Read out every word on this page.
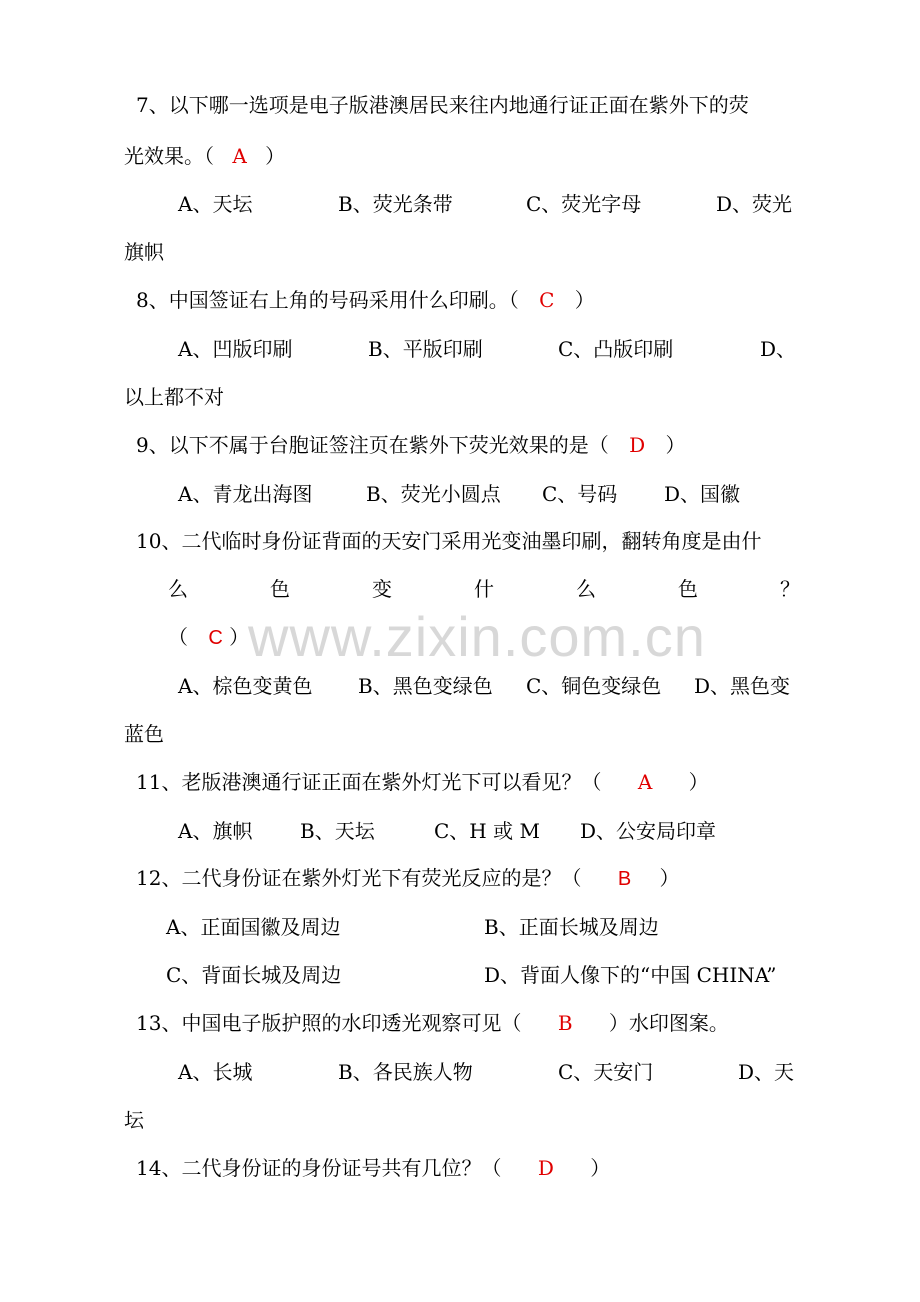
www.zixin.com.cn
7、以下哪一选项是电子版港澳居民来往内地通行证正面在紫外下的荧
光效果。（ A ）
A、天坛	B、荧光条带	C、荧光字母	D、荧光
旗帜
8、中国签证右上角的号码采用什么印刷。（ C ）
A、凹版印刷	B、平版印刷	C、凸版印刷	D、
以上都不对
9、以下不属于台胞证签注页在紫外下荧光效果的是（ D ）
A、青龙出海图	B、荧光小圆点 C、号码 D、国徽
10、二代临时身份证背面的天安门采用光变油墨印刷，翻转角度是由什
么	色	变	什	么	色	？
（ C ）
A、棕色变黄色 B、黑色变绿色 C、铜色变绿色 D、黑色变
蓝色
11、老版港澳通行证正面在紫外灯光下可以看见？（ A ）
A、旗帜 B、天坛	C、H 或 M D、公安局印章
12、二代身份证在紫外灯光下有荧光反应的是？（ B ）
A、正面国徽及周边	B、正面长城及周边
C、背面长城及周边	D、背面人像下的“中国 CHINA”
13、中国电子版护照的水印透光观察可见（ B ）水印图案。
A、长城	B、各民族人物	C、天安门	D、天
坛
14、二代身份证的身份证号共有几位？（ D ）
